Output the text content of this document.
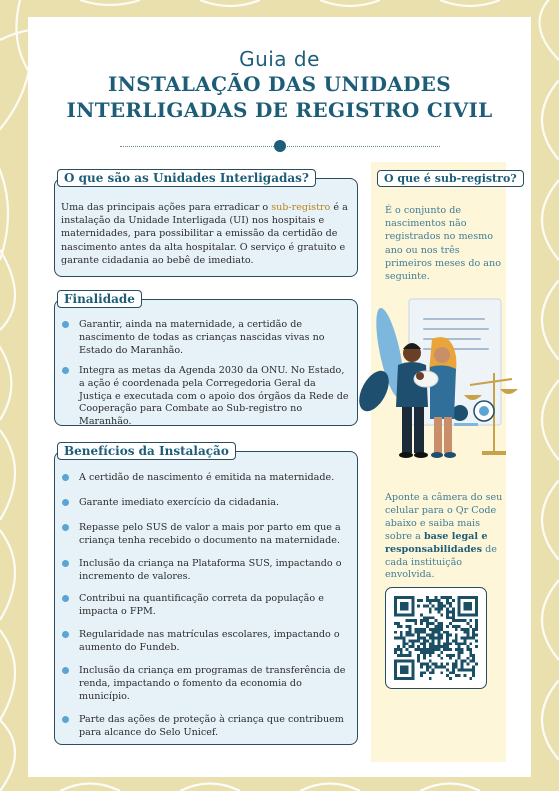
Guia de
INSTALAÇÃO DAS UNIDADES
INTERLIGADAS DE REGISTRO CIVIL
Uma das principais ações para erradicar o sub-registro é a instalação da Unidade Interligada (UI) nos hospitais e maternidades, para possibilitar a emissão da certidão de nascimento antes da alta hospitalar. O serviço é gratuito e garante cidadania ao bebê de imediato.
O que são as Unidades Interligadas?
Garantir, ainda na maternidade, a certidão de nascimento de todas as crianças nascidas vivas no Estado do Maranhão.
Integra as metas da Agenda 2030 da ONU. No Estado, a ação é coordenada pela Corregedoria Geral da Justiça e executada com o apoio dos órgãos da Rede de Cooperação para Combate ao Sub-registro no Maranhão.
Finalidade
A certidão de nascimento é emitida na maternidade.
Garante imediato exercício da cidadania.
Repasse pelo SUS de valor a mais por parto em que a criança tenha recebido o documento na maternidade.
Inclusão da criança na Plataforma SUS, impactando o incremento de valores.
Contribui na quantificação correta da população e impacta o FPM.
Regularidade nas matrículas escolares, impactando o aumento do Fundeb.
Inclusão da criança em programas de transferência de renda, impactando o fomento da economia do município.
Parte das ações de proteção à criança que contribuem para alcance do Selo Unicef.
Benefícios da Instalação
O que é sub-registro?
É o conjunto de nascimentos não registrados no mesmo ano ou nos três primeiros meses do ano seguinte.
Aponte a câmera do seu celular para o Qr Code abaixo e saiba mais sobre a base legal e responsabilidades de cada instituição envolvida.
